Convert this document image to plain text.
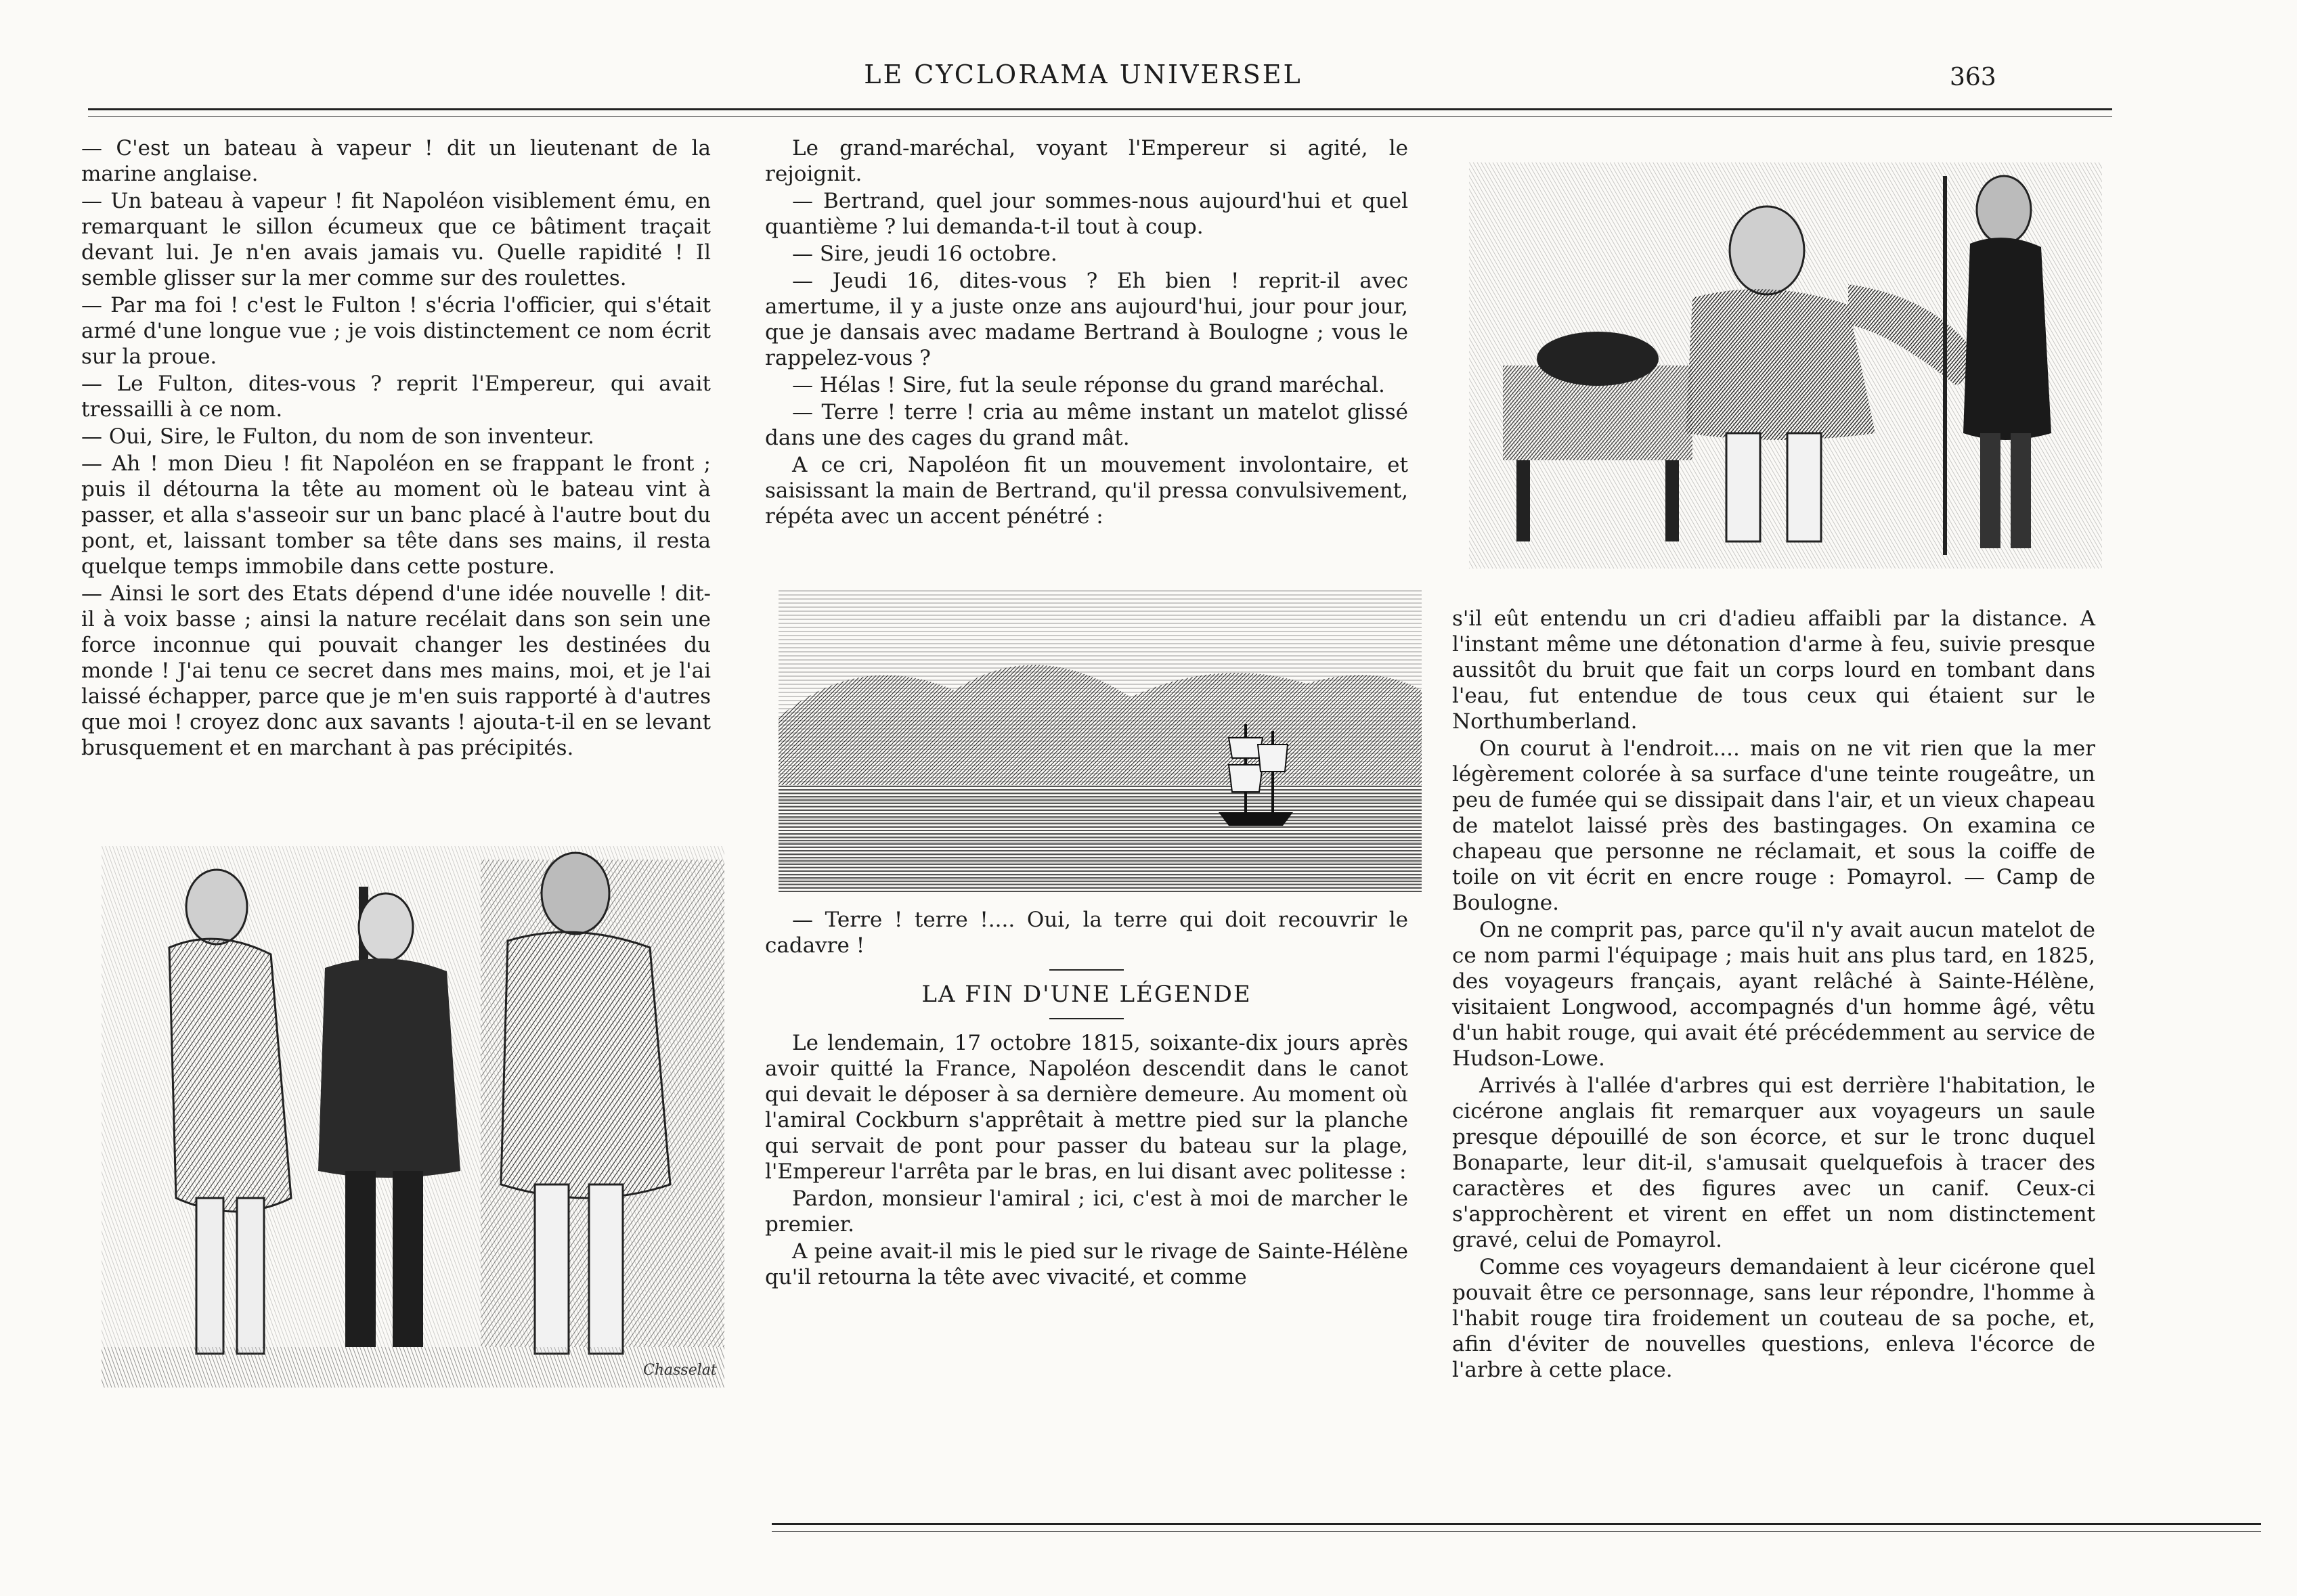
LE CYCLORAMA UNIVERSEL	363

— C'est un bateau à vapeur ! dit un lieutenant de la marine anglaise.

— Un bateau à vapeur ! fit Napoléon visiblement ému, en remarquant le sillon écumeux que ce bâtiment traçait devant lui. Je n'en avais jamais vu. Quelle rapidité ! Il semble glisser sur la mer comme sur des roulettes.

— Par ma foi ! c'est le Fulton ! s'écria l'officier, qui s'était armé d'une longue vue ; je vois distinctement ce nom écrit sur la proue.

— Le Fulton, dites-vous ? reprit l'Empereur, qui avait tressailli à ce nom.

— Oui, Sire, le Fulton, du nom de son inventeur.

— Ah ! mon Dieu ! fit Napoléon en se frappant le front ; puis il détourna la tête au moment où le bateau vint à passer, et alla s'asseoir sur un banc placé à l'autre bout du pont, et, laissant tomber sa tête dans ses mains, il resta quelque temps immobile dans cette posture.

— Ainsi le sort des Etats dépend d'une idée nouvelle ! dit-il à voix basse ; ainsi la nature recélait dans son sein une force inconnue qui pouvait changer les destinées du monde ! J'ai tenu ce secret dans mes mains, moi, et je l'ai laissé échapper, parce que je m'en suis rapporté à d'autres que moi ! croyez donc aux savants ! ajouta-t-il en se levant brusquement et en marchant à pas précipités.

Chasselat

Le grand-maréchal, voyant l'Empereur si agité, le rejoignit.

— Bertrand, quel jour sommes-nous aujourd'hui et quel quantième ? lui demanda-t-il tout à coup.

— Sire, jeudi 16 octobre.

— Jeudi 16, dites-vous ? Eh bien ! reprit-il avec amertume, il y a juste onze ans aujourd'hui, jour pour jour, que je dansais avec madame Bertrand à Boulogne ; vous le rappelez-vous ?

— Hélas ! Sire, fut la seule réponse du grand maréchal.

— Terre ! terre ! cria au même instant un matelot glissé dans une des cages du grand mât.

A ce cri, Napoléon fit un mouvement involontaire, et saisissant la main de Bertrand, qu'il pressa convulsivement, répéta avec un accent pénétré :

— Terre ! terre !.... Oui, la terre qui doit recouvrir le cadavre !

LA FIN D'UNE LÉGENDE

Le lendemain, 17 octobre 1815, soixante-dix jours après avoir quitté la France, Napoléon descendit dans le canot qui devait le déposer à sa dernière demeure. Au moment où l'amiral Cockburn s'apprêtait à mettre pied sur la planche qui servait de pont pour passer du bateau sur la plage, l'Empereur l'arrêta par le bras, en lui disant avec politesse :

Pardon, monsieur l'amiral ; ici, c'est à moi de marcher le premier.

A peine avait-il mis le pied sur le rivage de Sainte-Hélène qu'il retourna la tête avec vivacité, et comme

s'il eût entendu un cri d'adieu affaibli par la distance. A l'instant même une détonation d'arme à feu, suivie presque aussitôt du bruit que fait un corps lourd en tombant dans l'eau, fut entendue de tous ceux qui étaient sur le Northumberland.

On courut à l'endroit.... mais on ne vit rien que la mer légèrement colorée à sa surface d'une teinte rougeâtre, un peu de fumée qui se dissipait dans l'air, et un vieux chapeau de matelot laissé près des bastingages. On examina ce chapeau que personne ne réclamait, et sous la coiffe de toile on vit écrit en encre rouge : Pomayrol. — Camp de Boulogne.

On ne comprit pas, parce qu'il n'y avait aucun matelot de ce nom parmi l'équipage ; mais huit ans plus tard, en 1825, des voyageurs français, ayant relâché à Sainte-Hélène, visitaient Longwood, accompagnés d'un homme âgé, vêtu d'un habit rouge, qui avait été précédemment au service de Hudson-Lowe.

Arrivés à l'allée d'arbres qui est derrière l'habitation, le cicérone anglais fit remarquer aux voyageurs un saule presque dépouillé de son écorce, et sur le tronc duquel Bonaparte, leur dit-il, s'amusait quelquefois à tracer des caractères et des figures avec un canif. Ceux-ci s'approchèrent et virent en effet un nom distinctement gravé, celui de Pomayrol.

Comme ces voyageurs demandaient à leur cicérone quel pouvait être ce personnage, sans leur répondre, l'homme à l'habit rouge tira froidement un couteau de sa poche, et, afin d'éviter de nouvelles questions, enleva l'écorce de l'arbre à cette place.
